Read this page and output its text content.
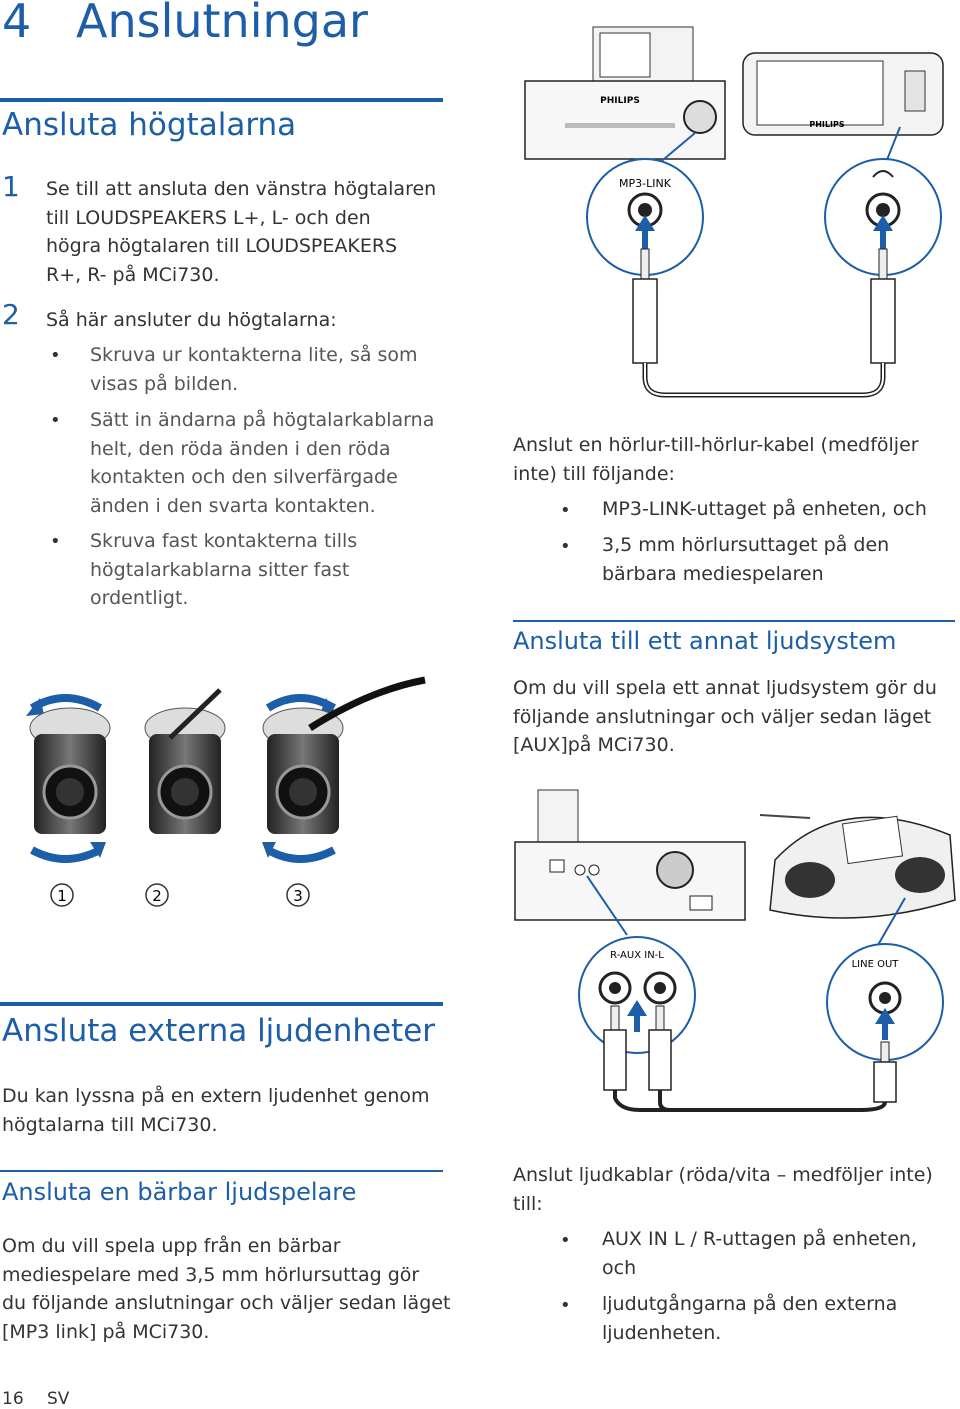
4 Anslutningar
Ansluta högtalarna
1 Se till att ansluta den vänstra högtalaren
till LOUDSPEAKERS L+, L- och den
högra högtalaren till LOUDSPEAKERS
R+, R- på MCi730.
2 Så här ansluter du högtalarna:
• Skruva ur kontakterna lite, så som
visas på bilden.
• Sätt in ändarna på högtalarkablarna
helt, den röda änden i den röda
kontakten och den silverfärgade
änden i den svarta kontakten.
• Skruva fast kontakterna tills
högtalarkablarna sitter fast
ordentligt.
1	2	3
PHILIPS
PHILIPS
MP3-LINK
Anslut en hörlur-till-hörlur-kabel (medföljer
inte) till följande:
• MP3-LINK-uttaget på enheten, och
• 3,5 mm hörlursuttaget på den
bärbara mediespelaren
Ansluta till ett annat ljudsystem
Om du vill spela ett annat ljudsystem gör du
följande anslutningar och väljer sedan läget
[AUX]på MCi730.
R-AUX IN-L
LINE OUT
Ansluta externa ljudenheter
Du kan lyssna på en extern ljudenhet genom
högtalarna till MCi730.
Ansluta en bärbar ljudspelare
Om du vill spela upp från en bärbar
mediespelare med 3,5 mm hörlursuttag gör
du följande anslutningar och väljer sedan läget
[MP3 link] på MCi730.
Anslut ljudkablar (röda/vita – medföljer inte)
till:
• AUX IN L / R-uttagen på enheten,
och
• ljudutgångarna på den externa
ljudenheten.
16 SV
